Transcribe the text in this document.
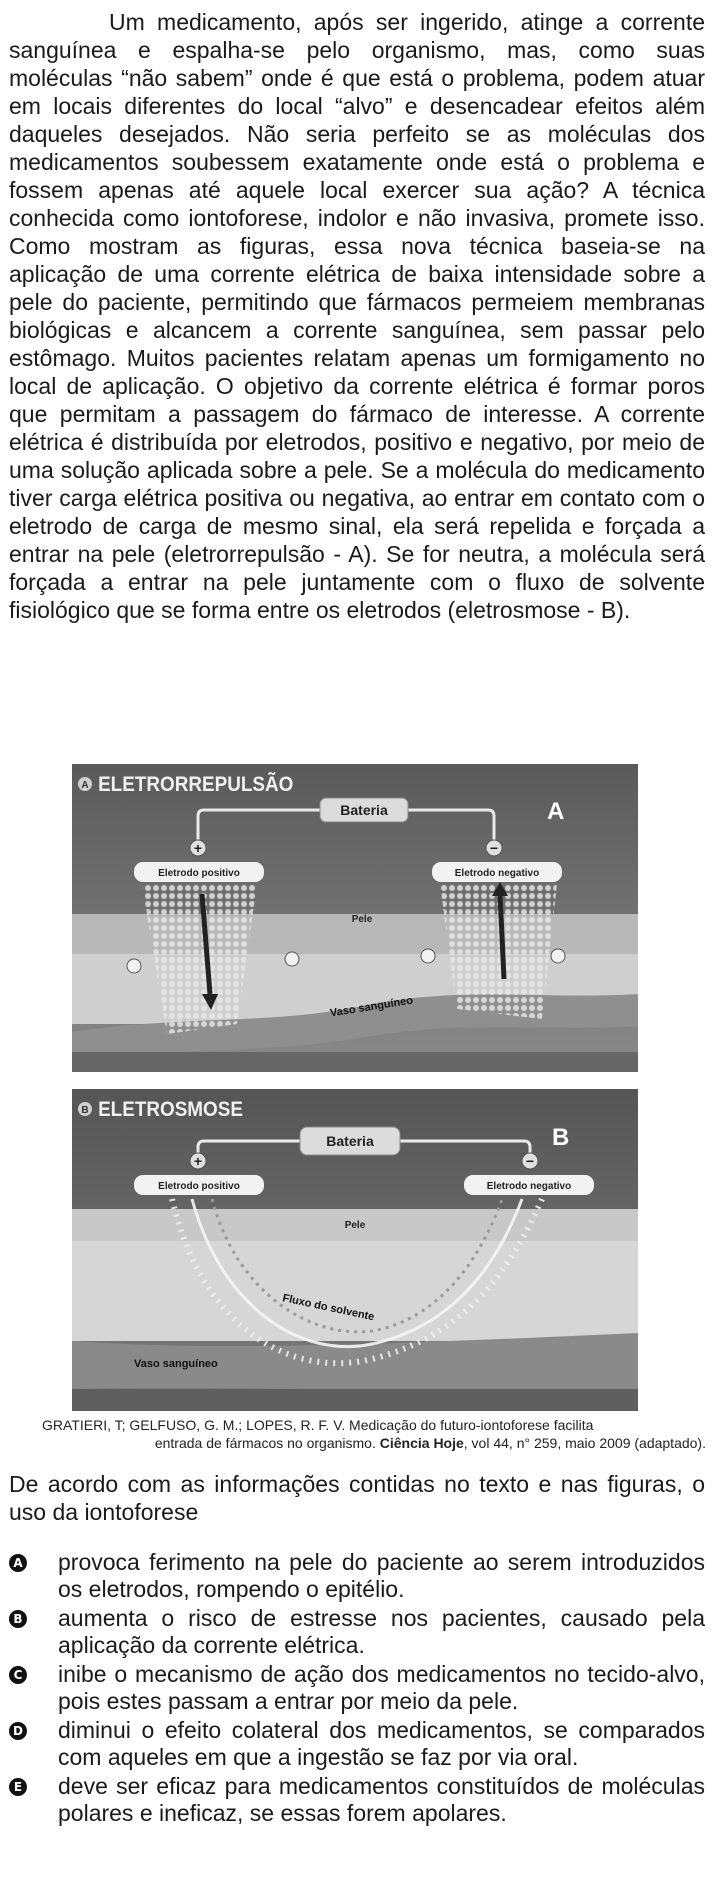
Um medicamento, após ser ingerido, atinge a corrente sanguínea e espalha-se pelo organismo, mas, como suas moléculas “não sabem” onde é que está o problema, podem atuar em locais diferentes do local “alvo” e desencadear efeitos além daqueles desejados. Não seria perfeito se as moléculas dos medicamentos soubessem exatamente onde está o problema e fossem apenas até aquele local exercer sua ação? A técnica conhecida como iontoforese, indolor e não invasiva, promete isso. Como mostram as figuras, essa nova técnica baseia-se na aplicação de uma corrente elétrica de baixa intensidade sobre a pele do paciente, permitindo que fármacos permeiem membranas biológicas e alcancem a corrente sanguínea, sem passar pelo estômago. Muitos pacientes relatam apenas um formigamento no local de aplicação. O objetivo da corrente elétrica é formar poros que permitam a passagem do fármaco de interesse. A corrente elétrica é distribuída por eletrodos, positivo e negativo, por meio de uma solução aplicada sobre a pele. Se a molécula do medicamento tiver carga elétrica positiva ou negativa, ao entrar em contato com o eletrodo de carga de mesmo sinal, ela será repelida e forçada a entrar na pele (eletrorrepulsão - A). Se for neutra, a molécula será forçada a entrar na pele juntamente com o fluxo de solvente fisiológico que se forma entre os eletrodos (eletrosmose - B).

A ELETRORREPULSÃO
Bateria	A
+	−
Eletrodo positivo	Eletrodo negativo
Pele
Vaso sanguíneo
B ELETROSMOSE
Bateria	B
+	−
Eletrodo positivo	Eletrodo negativo
Pele
Fluxo do solvente
Vaso sanguíneo
GRATIERI, T; GELFUSO, G. M.; LOPES, R. F. V. Medicação do futuro-iontoforese facilita
entrada de fármacos no organismo. Ciência Hoje, vol 44, n° 259, maio 2009 (adaptado).
De acordo com as informações contidas no texto e nas figuras, o uso da iontoforese
A provoca ferimento na pele do paciente ao serem introduzidos os eletrodos, rompendo o epitélio.
B aumenta o risco de estresse nos pacientes, causado pela aplicação da corrente elétrica.
C inibe o mecanismo de ação dos medicamentos no tecido-alvo, pois estes passam a entrar por meio da pele.
D diminui o efeito colateral dos medicamentos, se comparados com aqueles em que a ingestão se faz por via oral.
E deve ser eficaz para medicamentos constituídos de moléculas polares e ineficaz, se essas forem apolares.
